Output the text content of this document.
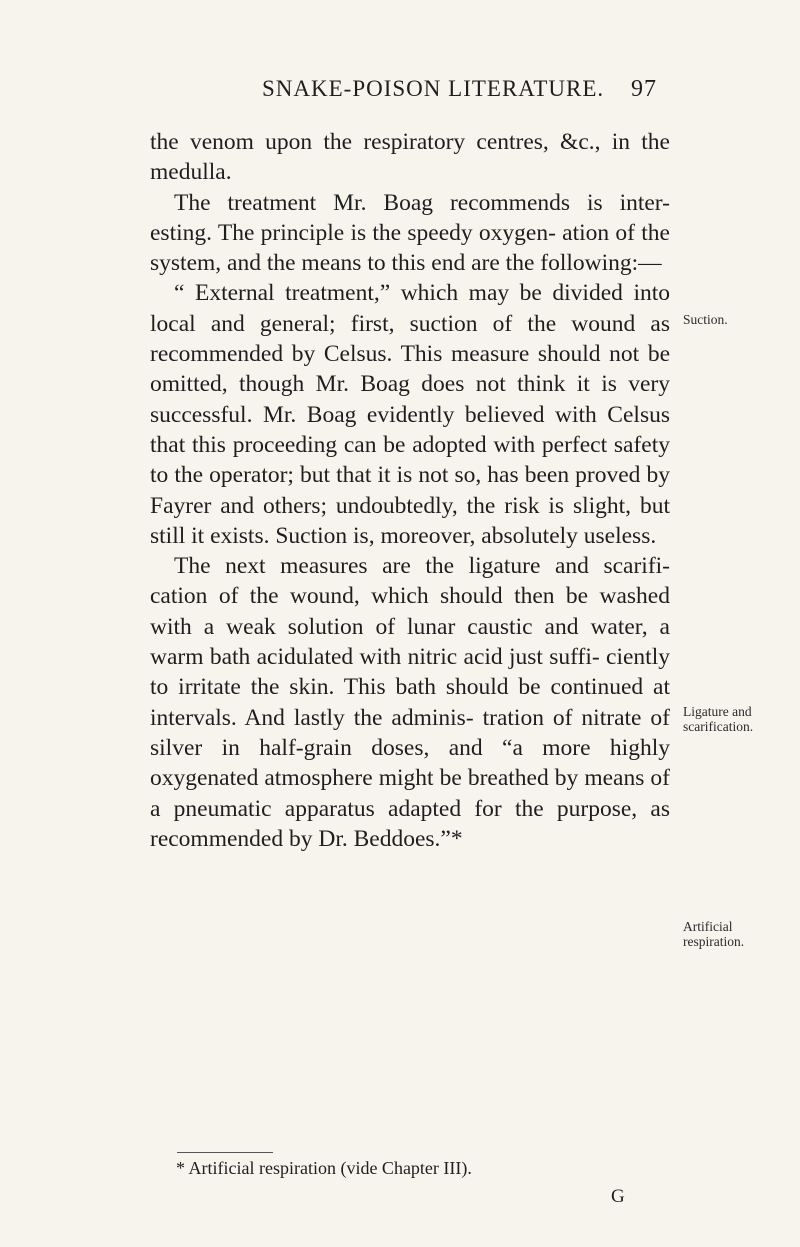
SNAKE-POISON LITERATURE. 97

the venom upon the respiratory centres, &c., in the medulla.

The treatment Mr. Boag recommends is inter- esting. The principle is the speedy oxygen- ation of the system, and the means to this end are the following:—

“ External treatment,” which may be divided into local and general; first, suction of the wound as recommended by Celsus. This measure should not be omitted, though Mr. Boag does not think it is very successful. Mr. Boag evidently believed with Celsus that this proceeding can be adopted with perfect safety to the operator; but that it is not so, has been proved by Fayrer and others; undoubtedly, the risk is slight, but still it exists. Suction is, moreover, absolutely useless.

The next measures are the ligature and scarifi- cation of the wound, which should then be washed with a weak solution of lunar caustic and water, a warm bath acidulated with nitric acid just suffi- ciently to irritate the skin. This bath should be continued at intervals. And lastly the adminis- tration of nitrate of silver in half-grain doses, and “a more highly oxygenated atmosphere might be breathed by means of a pneumatic apparatus adapted for the purpose, as recommended by Dr. Beddoes.”*

Suction.
Ligature and scarification.
Artificial respiration.
* Artificial respiration (vide Chapter III).
G
